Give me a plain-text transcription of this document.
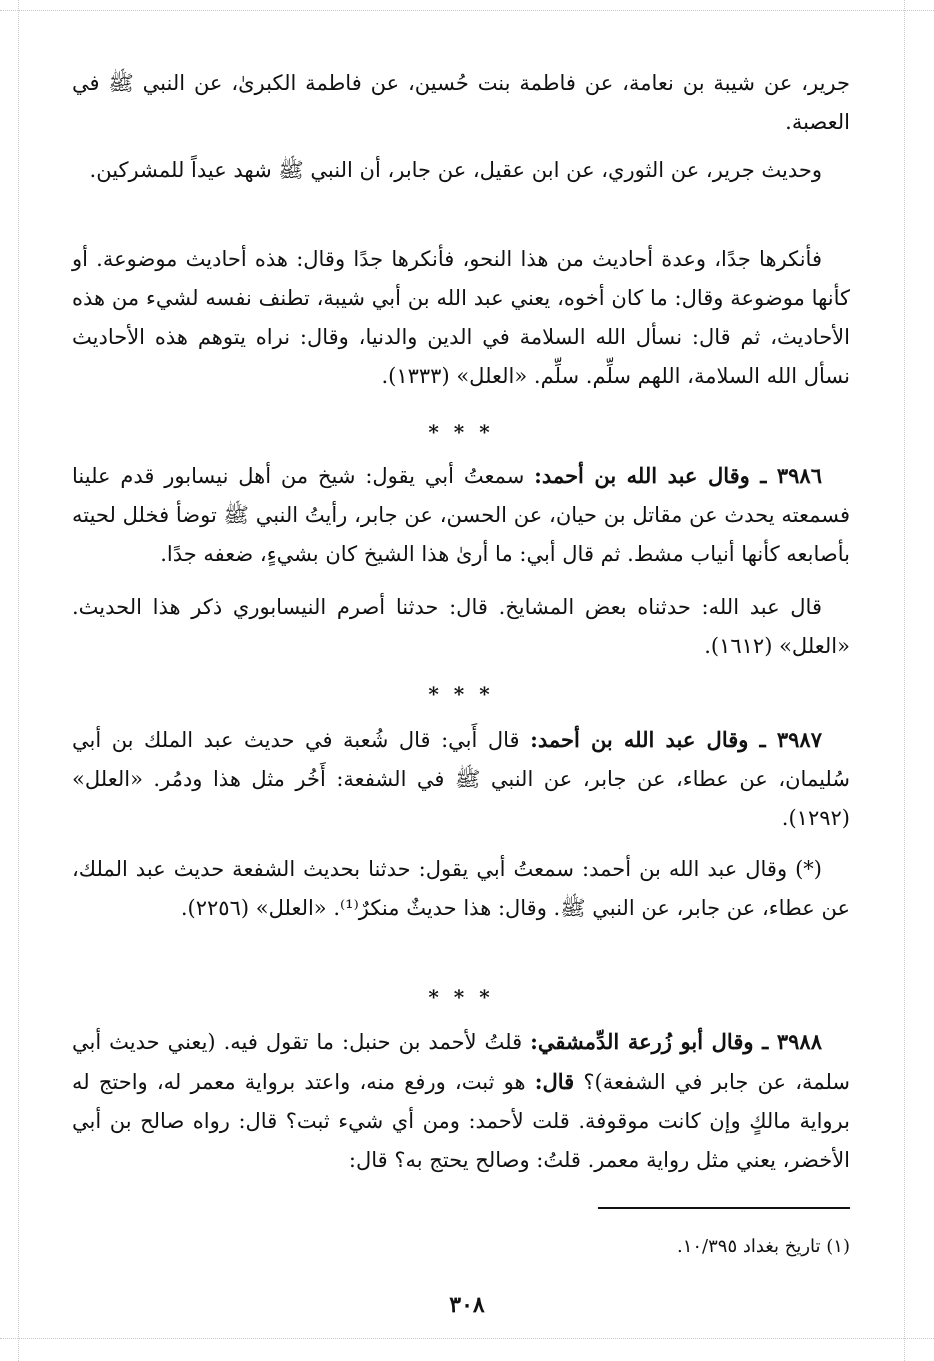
جرير، عن شيبة بن نعامة، عن فاطمة بنت حُسين، عن فاطمة الكبرىٰ، عن النبي ﷺ في العصبة.
وحديث جرير، عن الثوري، عن ابن عقيل، عن جابر، أن النبي ﷺ شهد عيداً للمشركين.
فأنكرها جدًا، وعدة أحاديث من هذا النحو، فأنكرها جدًا وقال: هذه أحاديث موضوعة. أو كأنها موضوعة وقال: ما كان أخوه، يعني عبد الله بن أبي شيبة، تطنف نفسه لشيء من هذه الأحاديث، ثم قال: نسأل الله السلامة في الدين والدنيا، وقال: نراه يتوهم هذه الأحاديث نسأل الله السلامة، اللهم سلِّم. سلِّم. «العلل» (١٣٣٣).
* * *
٣٩٨٦ ـ وقال عبد الله بن أحمد: سمعتُ أبي يقول: شيخ من أهل نيسابور قدم علينا فسمعته يحدث عن مقاتل بن حيان، عن الحسن، عن جابر، رأيتُ النبي ﷺ توضأ فخلل لحيته بأصابعه كأنها أنياب مشط. ثم قال أبي: ما أرىٰ هذا الشيخ كان بشيءٍ، ضعفه جدًا.
قال عبد الله: حدثناه بعض المشايخ. قال: حدثنا أصرم النيسابوري ذكر هذا الحديث. «العلل» (١٦١٢).
* * *
٣٩٨٧ ـ وقال عبد الله بن أحمد: قال أَبي: قال شُعبة في حديث عبد الملك بن أبي سُليمان، عن عطاء، عن جابر، عن النبي ﷺ في الشفعة: أَخُر مثل هذا ودمُر. «العلل» (١٢٩٢).
(*) وقال عبد الله بن أحمد: سمعتُ أبي يقول: حدثنا بحديث الشفعة حديث عبد الملك، عن عطاء، عن جابر، عن النبي ﷺ. وقال: هذا حديثٌ منكرٌ⁽¹⁾. «العلل» (٢٢٥٦).
* * *
٣٩٨٨ ـ وقال أبو زُرعة الدِّمشقي: قلتُ لأحمد بن حنبل: ما تقول فيه. (يعني حديث أبي سلمة، عن جابر في الشفعة)؟ قال: هو ثبت، ورفع منه، واعتد برواية معمر له، واحتج له برواية مالكٍ وإن كانت موقوفة. قلت لأحمد: ومن أي شيء ثبت؟ قال: رواه صالح بن أبي الأخضر، يعني مثل رواية معمر. قلتُ: وصالح يحتج به؟ قال:
(١) تاريخ بغداد ١٠/٣٩٥.
٣٠٨
